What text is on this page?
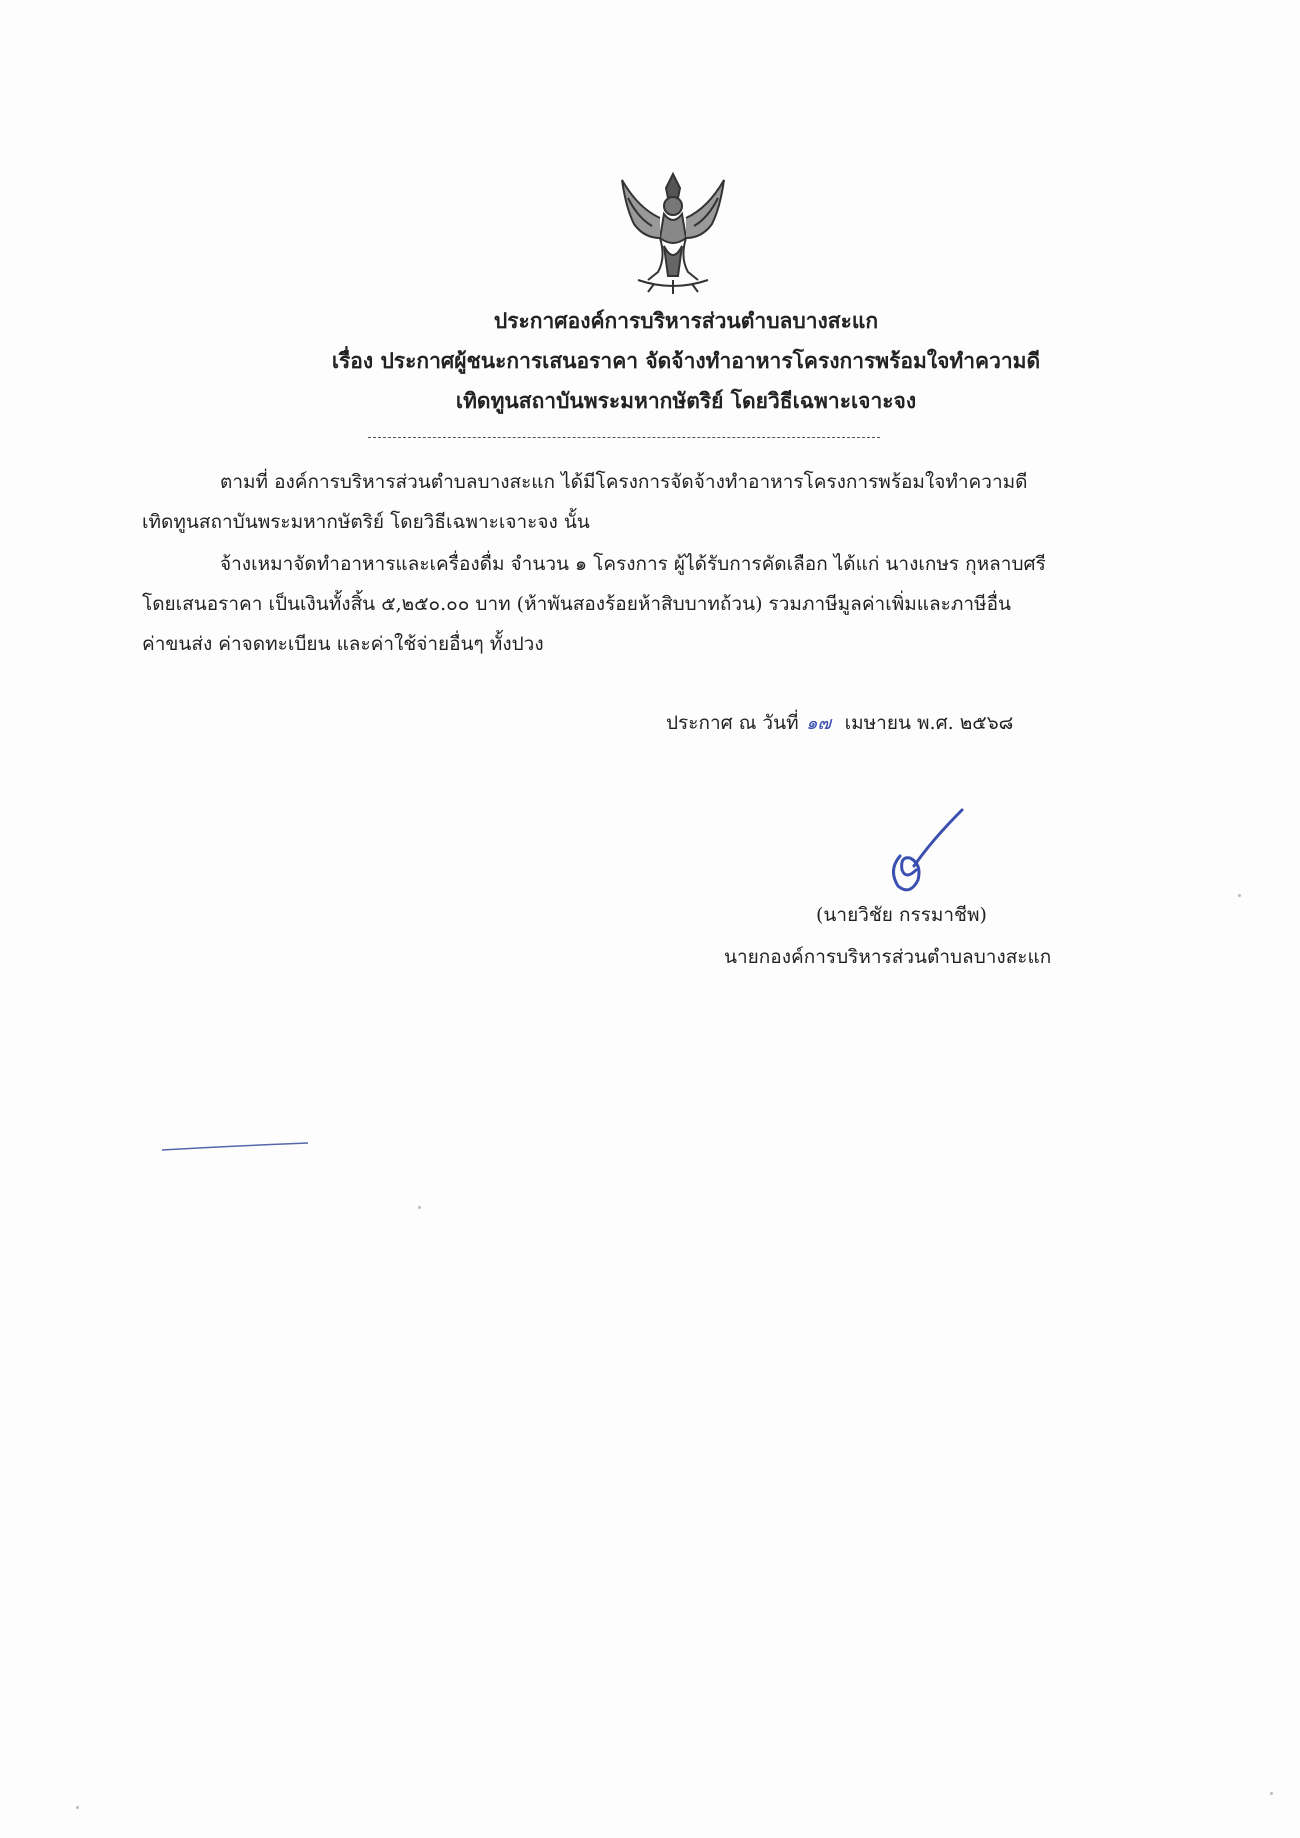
ประกาศองค์การบริหารส่วนตำบลบางสะแก
เรื่อง ประกาศผู้ชนะการเสนอราคา จัดจ้างทำอาหารโครงการพร้อมใจทำความดี
เทิดทูนสถาบันพระมหากษัตริย์ โดยวิธีเฉพาะเจาะจง
ตามที่ องค์การบริหารส่วนตำบลบางสะแก ได้มีโครงการจัดจ้างทำอาหารโครงการพร้อมใจทำความดี
เทิดทูนสถาบันพระมหากษัตริย์ โดยวิธีเฉพาะเจาะจง นั้น
จ้างเหมาจัดทำอาหารและเครื่องดื่ม จำนวน ๑ โครงการ ผู้ได้รับการคัดเลือก ได้แก่ นางเกษร กุหลาบศรี
โดยเสนอราคา เป็นเงินทั้งสิ้น ๕,๒๕๐.๐๐ บาท (ห้าพันสองร้อยห้าสิบบาทถ้วน) รวมภาษีมูลค่าเพิ่มและภาษีอื่น
ค่าขนส่ง ค่าจดทะเบียน และค่าใช้จ่ายอื่นๆ ทั้งปวง
ประกาศ ณ วันที่ ๑๗ เมษายน พ.ศ. ๒๕๖๘
(นายวิชัย กรรมาชีพ)
นายกองค์การบริหารส่วนตำบลบางสะแก
